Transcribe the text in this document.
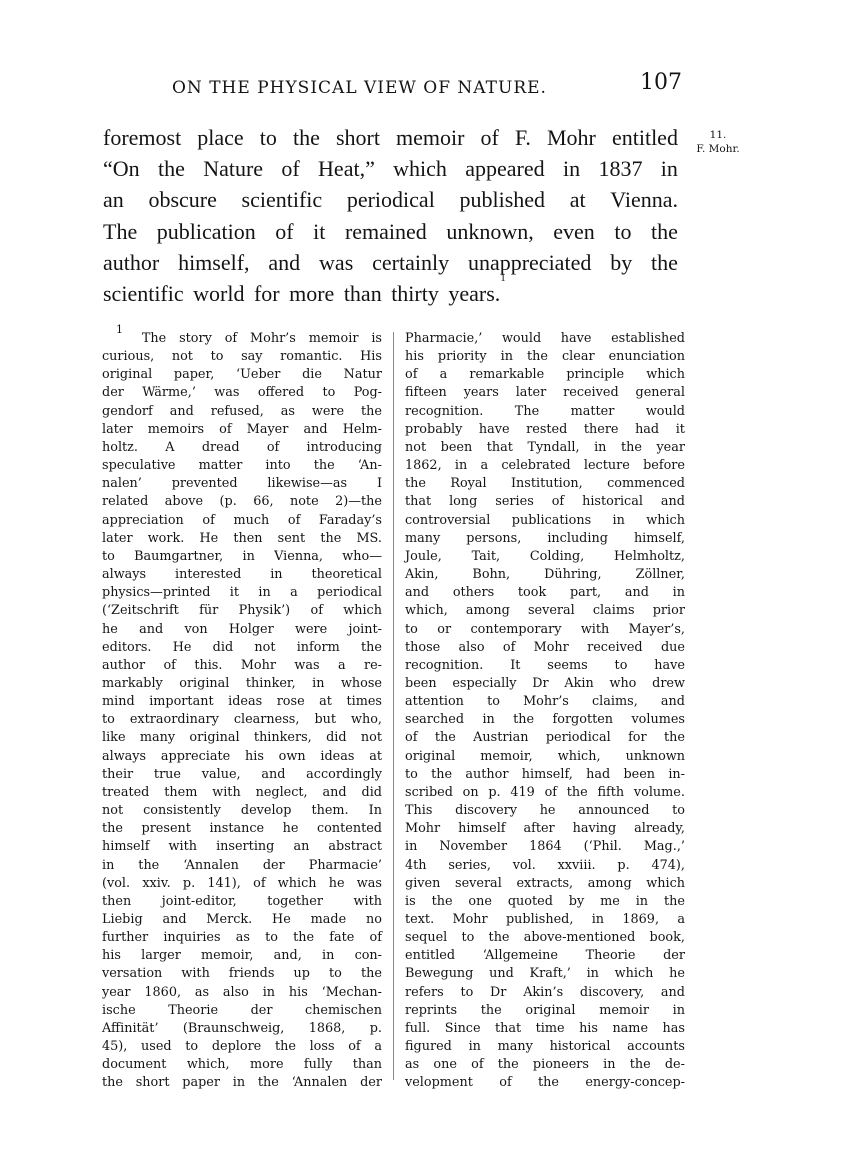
ON THE PHYSICAL VIEW OF NATURE.	107
11.
F. Mohr.
foremost place to the short memoir of F. Mohr entitled
“On the Nature of Heat,” which appeared in 1837 in
an obscure scientific periodical published at Vienna.
The publication of it remained unknown, even to the
author himself, and was certainly unappreciated by the
scientific world for more than thirty years.
1
1
The story of Mohr’s memoir is
curious, not to say romantic. His
original paper, ‘Ueber die Natur
der Wärme,’ was offered to Pog-
gendorf and refused, as were the
later memoirs of Mayer and Helm-
holtz. A dread of introducing
speculative matter into the ‘An-
nalen’ prevented likewise—as I
related above (p. 66, note 2)—the
appreciation of much of Faraday’s
later work. He then sent the MS.
to Baumgartner, in Vienna, who—
always interested in theoretical
physics—printed it in a periodical
(‘Zeitschrift für Physik’) of which
he and von Holger were joint-
editors. He did not inform the
author of this. Mohr was a re-
markably original thinker, in whose
mind important ideas rose at times
to extraordinary clearness, but who,
like many original thinkers, did not
always appreciate his own ideas at
their true value, and accordingly
treated them with neglect, and did
not consistently develop them. In
the present instance he contented
himself with inserting an abstract
in the ‘Annalen der Pharmacie’
(vol. xxiv. p. 141), of which he was
then joint-editor, together with
Liebig and Merck. He made no
further inquiries as to the fate of
his larger memoir, and, in con-
versation with friends up to the
year 1860, as also in his ‘Mechan-
ische	Theorie	der	chemischen
Affinität’ (Braunschweig, 1868, p.
45), used to deplore the loss of a
document which, more fully than
the short paper in the ‘Annalen der
Pharmacie,’ would have established
his priority in the clear enunciation
of a remarkable principle which
fifteen years later received general
recognition. The matter would
probably have rested there had it
not been that Tyndall, in the year
1862, in a celebrated lecture before
the Royal Institution, commenced
that long series of historical and
controversial publications in which
many persons, including himself,
Joule, Tait, Colding, Helmholtz,
Akin,	Bohn,	Dühring,	Zöllner,
and others took part, and in
which, among several claims prior
to or contemporary with Mayer’s,
those also of Mohr received due
recognition. It seems to have
been especially Dr Akin who drew
attention to Mohr’s claims, and
searched in the forgotten volumes
of the Austrian periodical for the
original memoir, which, unknown
to the author himself, had been in-
scribed on p. 419 of the fifth volume.
This discovery he announced to
Mohr himself after having already,
in November 1864 (‘Phil. Mag.,’
4th series, vol. xxviii. p. 474),
given several extracts, among which
is the one quoted by me in the
text. Mohr published, in 1869, a
sequel to the above-mentioned book,
entitled ‘Allgemeine Theorie der
Bewegung und Kraft,’ in which he
refers to Dr Akin’s discovery, and
reprints the original memoir in
full. Since that time his name has
figured in many historical accounts
as one of the pioneers in the de-
velopment of the energy-concep-
